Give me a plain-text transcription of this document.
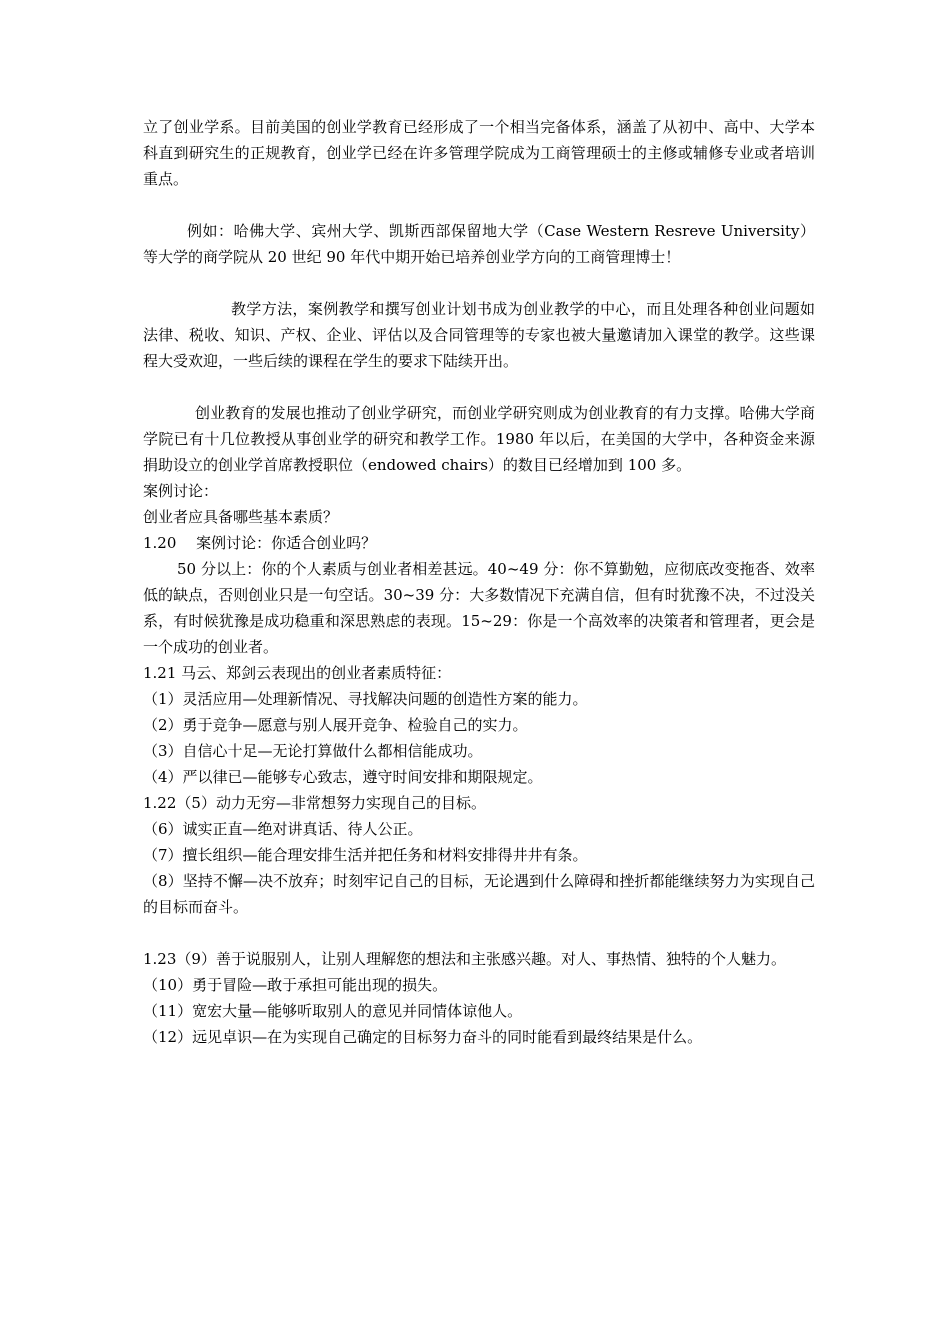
立了创业学系。目前美国的创业学教育已经形成了一个相当完备体系，涵盖了从初中、高中、大学本科直到研究生的正规教育，创业学已经在许多管理学院成为工商管理硕士的主修或辅修专业或者培训重点。

例如：哈佛大学、宾州大学、凯斯西部保留地大学（Case Western Resreve University）等大学的商学院从 20 世纪 90 年代中期开始已培养创业学方向的工商管理博士！

教学方法，案例教学和撰写创业计划书成为创业教学的中心，而且处理各种创业问题如法律、税收、知识、产权、企业、评估以及合同管理等的专家也被大量邀请加入课堂的教学。这些课程大受欢迎，一些后续的课程在学生的要求下陆续开出。

创业教育的发展也推动了创业学研究，而创业学研究则成为创业教育的有力支撑。哈佛大学商学院已有十几位教授从事创业学的研究和教学工作。1980 年以后，在美国的大学中，各种资金来源捐助设立的创业学首席教授职位（endowed chairs）的数目已经增加到 100 多。

案例讨论：

创业者应具备哪些基本素质？

1.20　 案例讨论：你适合创业吗？

50 分以上：你的个人素质与创业者相差甚远。40~49 分：你不算勤勉，应彻底改变拖沓、效率低的缺点，否则创业只是一句空话。30~39 分：大多数情况下充满自信，但有时犹豫不决，不过没关系，有时候犹豫是成功稳重和深思熟虑的表现。15~29：你是一个高效率的决策者和管理者，更会是一个成功的创业者。

1.21 马云、郑剑云表现出的创业者素质特征：

（1）灵活应用—处理新情况、寻找解决问题的创造性方案的能力。

（2）勇于竞争—愿意与别人展开竞争、检验自己的实力。

（3）自信心十足—无论打算做什么都相信能成功。

（4）严以律已—能够专心致志，遵守时间安排和期限规定。

1.22（5）动力无穷—非常想努力实现自己的目标。

（6）诚实正直—绝对讲真话、待人公正。

（7）擅长组织—能合理安排生活并把任务和材料安排得井井有条。

（8）坚持不懈—决不放弃；时刻牢记自己的目标，无论遇到什么障碍和挫折都能继续努力为实现自己的目标而奋斗。

1.23（9）善于说服别人，让别人理解您的想法和主张感兴趣。对人、事热情、独特的个人魅力。

（10）勇于冒险—敢于承担可能出现的损失。

（11）宽宏大量—能够听取别人的意见并同情体谅他人。

（12）远见卓识—在为实现自己确定的目标努力奋斗的同时能看到最终结果是什么。
